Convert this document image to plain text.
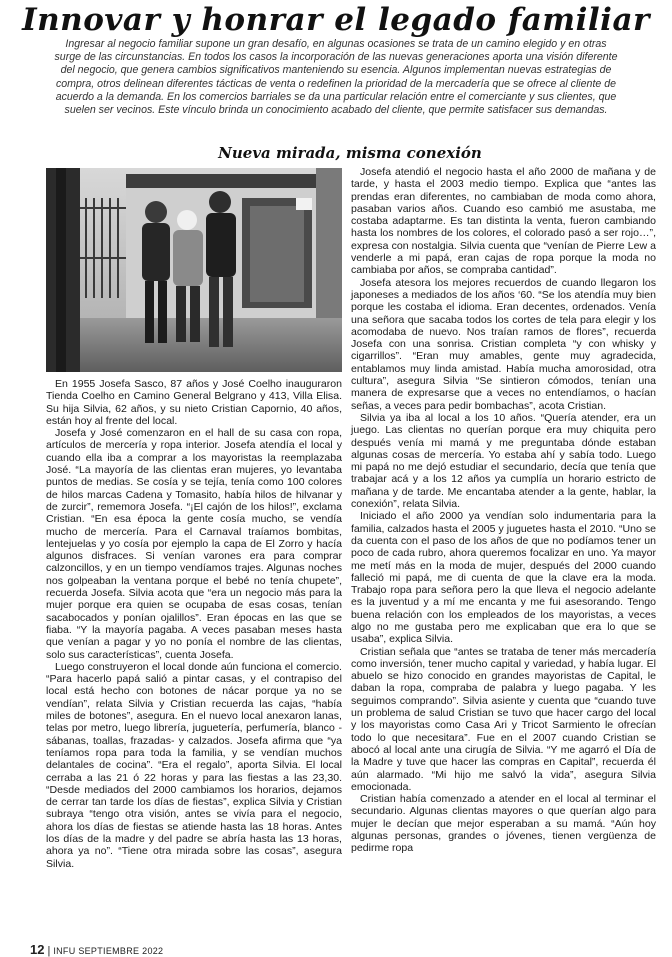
Innovar y honrar el legado familiar
Ingresar al negocio familiar supone un gran desafío, en algunas ocasiones se trata de un camino elegido y en otras surge de las circunstancias. En todos los casos la incorporación de las nuevas generaciones aporta una visión diferente del negocio, que genera cambios significativos manteniendo su esencia. Algunos implementan nuevas estrategias de compra, otros delinean diferentes tácticas de venta o redefinen la prioridad de la mercadería que se ofrece al cliente de acuerdo a la demanda. En los comercios barriales se da una particular relación entre el comerciante y sus clientes, que suelen ser vecinos. Este vínculo brinda un conocimiento acabado del cliente, que permite satisfacer sus demandas.
Nueva mirada, misma conexión

En 1955 Josefa Sasco, 87 años y José Coelho inauguraron Tienda Coelho en Camino General Belgrano y 413, Villa Elisa. Su hija Silvia, 62 años, y su nieto Cristian Capornio, 40 años, están hoy al frente del local.

Josefa y José comenzaron en el hall de su casa con ropa, artículos de mercería y ropa interior. Josefa atendía el local y cuando ella iba a comprar a los mayoristas la reemplazaba José. “La mayoría de las clientas eran mujeres, yo levantaba puntos de medias. Se cosía y se tejía, tenía como 100 colores de hilos marcas Cadena y Tomasito, había hilos de hilvanar y de zurcir”, rememora Josefa. “¡El cajón de los hilos!”, exclama Cristian. “En esa época la gente cosía mucho, se vendía mucho de mercería. Para el Carnaval traíamos bombitas, lentejuelas y yo cosía por ejemplo la capa de El Zorro y hacía algunos disfraces. Si venían varones era para comprar calzoncillos, y en un tiempo vendíamos trajes. Algunas noches nos golpeaban la ventana porque el bebé no tenía chupete”, recuerda Josefa. Silvia acota que “era un negocio más para la mujer porque era quien se ocupaba de esas cosas, tenían sacabocados y ponían ojalillos”. Eran épocas en las que se fiaba. “Y la mayoría pagaba. A veces pasaban meses hasta que venían a pagar y yo no ponía el nombre de las clientas, solo sus características”, cuenta Josefa.

Luego construyeron el local donde aún funciona el comercio. “Para hacerlo papá salió a pintar casas, y el contrapiso del local está hecho con botones de nácar porque ya no se vendían”, relata Silvia y Cristian recuerda las cajas, “había miles de botones”, asegura. En el nuevo local anexaron lanas, telas por metro, luego librería, juguetería, perfumería, blanco -sábanas, toallas, frazadas- y calzados. Josefa afirma que “ya teníamos ropa para toda la familia, y se vendían muchos delantales de cocina”. “Era el regalo”, aporta Silvia. El local cerraba a las 21 ó 22 horas y para las fiestas a las 23,30. “Desde mediados del 2000 cambiamos los horarios, dejamos de cerrar tan tarde los días de fiestas”, explica Silvia y Cristian subraya “tengo otra visión, antes se vivía para el negocio, ahora los días de fiestas se atiende hasta las 18 horas. Antes los días de la madre y del padre se abría hasta las 13 horas, ahora ya no”. “Tiene otra mirada sobre las cosas”, asegura Silvia.

Josefa atendió el negocio hasta el año 2000 de mañana y de tarde, y hasta el 2003 medio tiempo. Explica que “antes las prendas eran diferentes, no cambiaban de moda como ahora, pasaban varios años. Cuando eso cambió me asustaba, me costaba adaptarme. Es tan distinta la venta, fueron cambiando hasta los nombres de los colores, el colorado pasó a ser rojo…”, expresa con nostalgia. Silvia cuenta que “venían de Pierre Lew a venderle a mi papá, eran cajas de ropa porque la moda no cambiaba por años, se compraba cantidad”.

Josefa atesora los mejores recuerdos de cuando llegaron los japoneses a mediados de los años ‘60. “Se los atendía muy bien porque les costaba el idioma. Eran decentes, ordenados. Venía una señora que sacaba todos los cortes de tela para elegir y los acomodaba de nuevo. Nos traían ramos de flores”, recuerda Josefa con una sonrisa. Cristian completa “y con whisky y cigarrillos”. “Eran muy amables, gente muy agradecida, entablamos muy linda amistad. Había mucha amorosidad, otra cultura”, asegura Silvia “Se sintieron cómodos, tenían una manera de expresarse que a veces no entendíamos, o hacían señas, a veces para pedir bombachas”, acota Cristian.

Silvia ya iba al local a los 10 años. “Quería atender, era un juego. Las clientas no querían porque era muy chiquita pero después venía mi mamá y me preguntaba dónde estaban algunas cosas de mercería. Yo estaba ahí y sabía todo. Luego mi papá no me dejó estudiar el secundario, decía que tenía que trabajar acá y a los 12 años ya cumplía un horario estricto de mañana y de tarde. Me encantaba atender a la gente, hablar, la conexión”, relata Silvia.

Iniciado el año 2000 ya vendían solo indumentaria para la familia, calzados hasta el 2005 y juguetes hasta el 2010. “Uno se da cuenta con el paso de los años de que no podíamos tener un poco de cada rubro, ahora queremos focalizar en uno. Ya mayor me metí más en la moda de mujer, después del 2000 cuando falleció mi papá, me di cuenta de que la clave era la moda. Trabajo ropa para señora pero la que lleva el negocio adelante es la juventud y a mí me encanta y me fui asesorando. Tengo buena relación con los empleados de los mayoristas, a veces algo no me gustaba pero me explicaban que era lo que se usaba”, explica Silvia.

Cristian señala que “antes se trataba de tener más mercadería como inversión, tener mucho capital y variedad, y había lugar. El abuelo se hizo conocido en grandes mayoristas de Capital, le daban la ropa, compraba de palabra y luego pagaba. Y les seguimos comprando”. Silvia asiente y cuenta que “cuando tuve un problema de salud Cristian se tuvo que hacer cargo del local y los mayoristas como Casa Ari y Tricot Sarmiento le ofrecían todo lo que necesitara”. Fue en el 2007 cuando Cristian se abocó al local ante una cirugía de Silvia. “Y me agarró el Día de la Madre y tuve que hacer las compras en Capital”, recuerda él aún alarmado. “Mi hijo me salvó la vida”, asegura Silvia emocionada.

Cristian había comenzado a atender en el local al terminar el secundario. Algunas clientas mayores o que querían algo para mujer le decían que mejor esperaban a su mamá. “Aún hoy algunas personas, grandes o jóvenes, tienen vergüenza de pedirme ropa

12 | INFU SEPTIEMBRE 2022
